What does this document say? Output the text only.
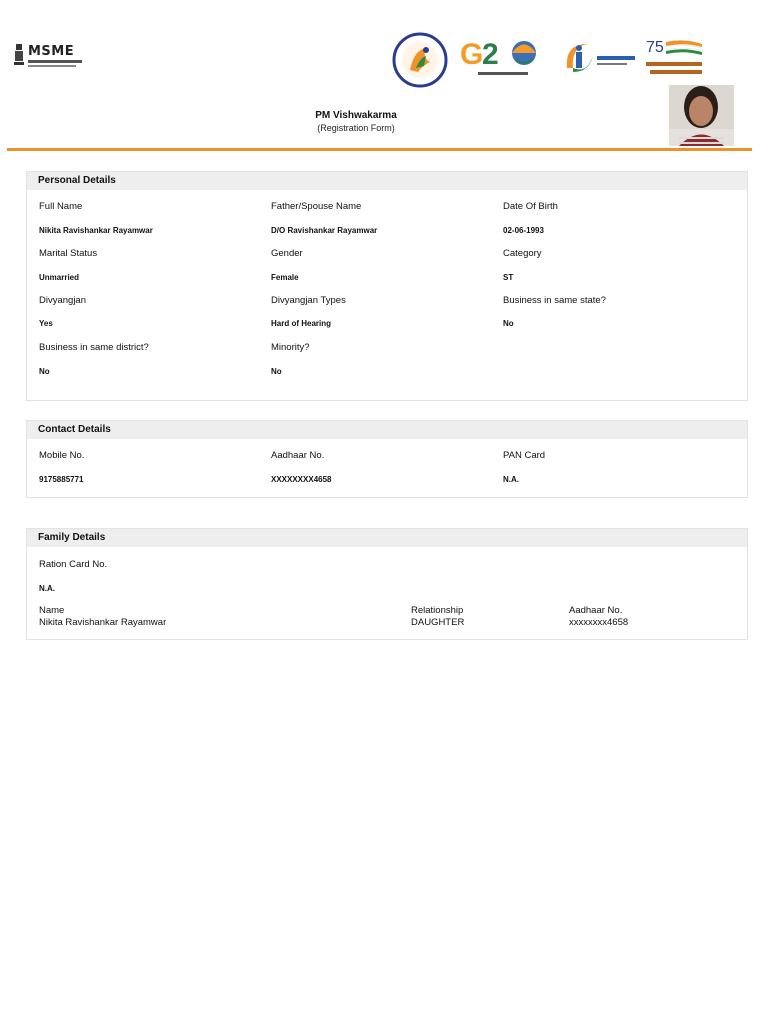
MSME	G
2	75
PM Vishwakarma
(Registration Form)
Personal Details
Full Name
Nikita Ravishankar Rayamwar
Father/Spouse Name
D/O Ravishankar Rayamwar
Date Of Birth
02-06-1993
Marital Status
Unmarried
Gender
Female
Category
ST
Divyangjan
Yes
Divyangjan Types
Hard of Hearing
Business in same state?
No
Business in same district?
No
Minority?
No
Contact Details
Mobile No.
9175885771
Aadhaar No.
XXXXXXXX4658
PAN Card
N.A.
Family Details
Ration Card No.
N.A.
Name	Relationship	Aadhaar No.
Nikita Ravishankar Rayamwar	DAUGHTER	xxxxxxxx4658
